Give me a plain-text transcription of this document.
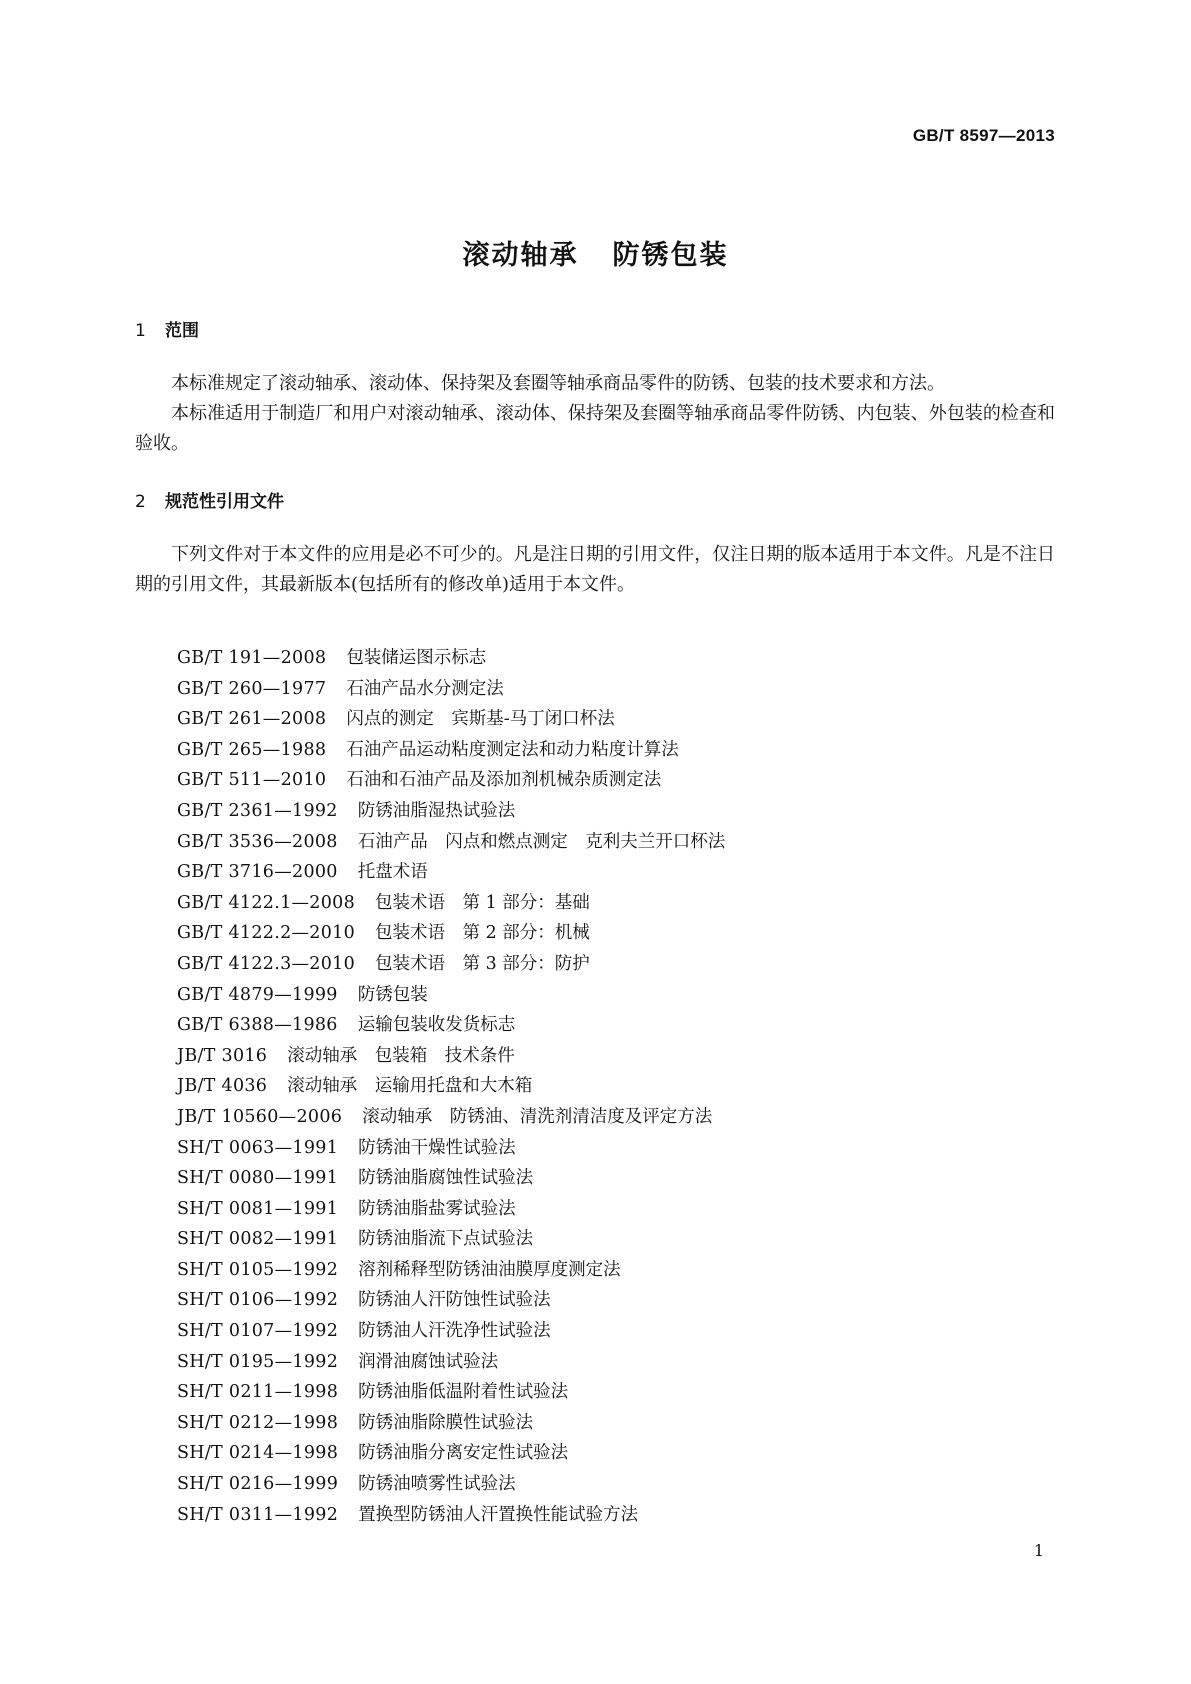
GB/T 8597—2013
滚动轴承 防锈包装
1 范围

本标准规定了滚动轴承、滚动体、保持架及套圈等轴承商品零件的防锈、包装的技术要求和方法。

本标准适用于制造厂和用户对滚动轴承、滚动体、保持架及套圈等轴承商品零件防锈、内包装、外包装的检查和验收。

2 规范性引用文件

下列文件对于本文件的应用是必不可少的。凡是注日期的引用文件，仅注日期的版本适用于本文件。凡是不注日期的引用文件，其最新版本(包括所有的修改单)适用于本文件。

GB/T 191—2008 包装储运图示标志
GB/T 260—1977 石油产品水分测定法
GB/T 261—2008 闪点的测定　宾斯基-马丁闭口杯法
GB/T 265—1988 石油产品运动粘度测定法和动力粘度计算法
GB/T 511—2010 石油和石油产品及添加剂机械杂质测定法
GB/T 2361—1992 防锈油脂湿热试验法
GB/T 3536—2008 石油产品　闪点和燃点测定　克利夫兰开口杯法
GB/T 3716—2000 托盘术语
GB/T 4122.1—2008 包装术语　第 1 部分：基础
GB/T 4122.2—2010 包装术语　第 2 部分：机械
GB/T 4122.3—2010 包装术语　第 3 部分：防护
GB/T 4879—1999 防锈包装
GB/T 6388—1986 运输包装收发货标志
JB/T 3016 滚动轴承　包装箱　技术条件
JB/T 4036 滚动轴承　运输用托盘和大木箱
JB/T 10560—2006 滚动轴承　防锈油、清洗剂清洁度及评定方法
SH/T 0063—1991 防锈油干燥性试验法
SH/T 0080—1991 防锈油脂腐蚀性试验法
SH/T 0081—1991 防锈油脂盐雾试验法
SH/T 0082—1991 防锈油脂流下点试验法
SH/T 0105—1992 溶剂稀释型防锈油油膜厚度测定法
SH/T 0106—1992 防锈油人汗防蚀性试验法
SH/T 0107—1992 防锈油人汗洗净性试验法
SH/T 0195—1992 润滑油腐蚀试验法
SH/T 0211—1998 防锈油脂低温附着性试验法
SH/T 0212—1998 防锈油脂除膜性试验法
SH/T 0214—1998 防锈油脂分离安定性试验法
SH/T 0216—1999 防锈油喷雾性试验法
SH/T 0311—1992 置换型防锈油人汗置换性能试验方法
1
